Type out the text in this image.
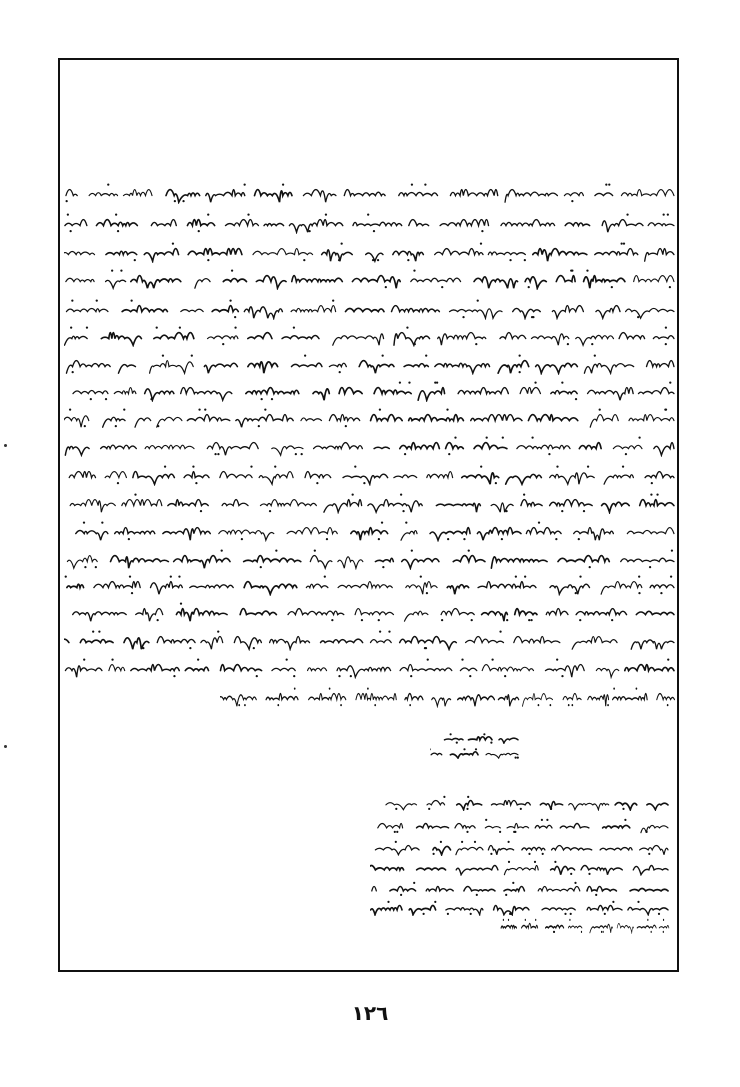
١٢٦
